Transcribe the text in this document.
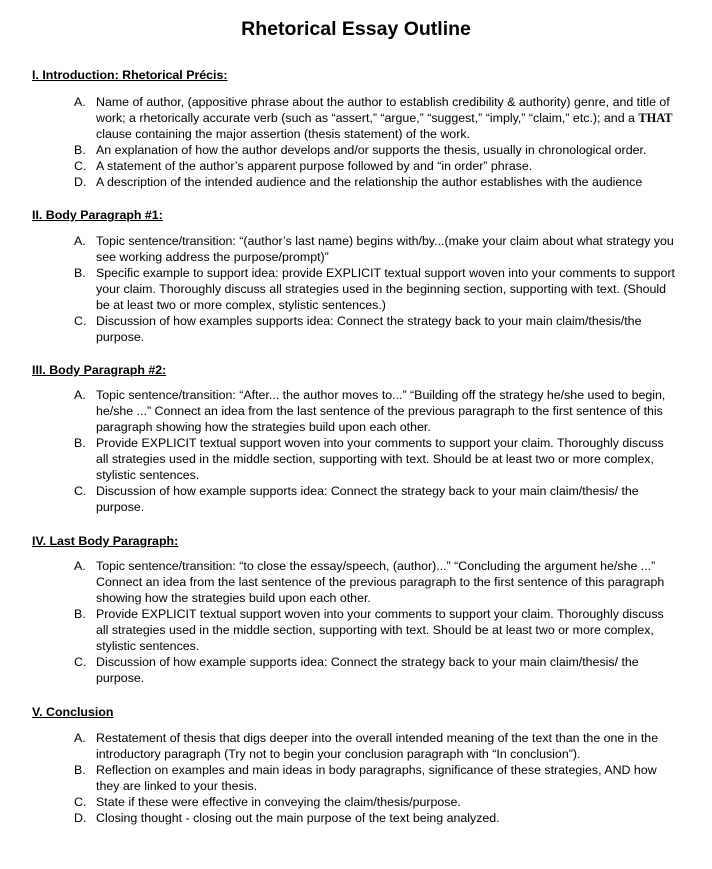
Rhetorical Essay Outline
I. Introduction: Rhetorical Précis:
A. Name of author, (appositive phrase about the author to establish credibility & authority) genre, and title of work; a rhetorically accurate verb (such as “assert,” “argue,” “suggest,” “imply,” “claim,” etc.); and a THAT clause containing the major assertion (thesis statement) of the work.
B. An explanation of how the author develops and/or supports the thesis, usually in chronological order.
C. A statement of the author’s apparent purpose followed by and “in order” phrase.
D. A description of the intended audience and the relationship the author establishes with the audience
II. Body Paragraph #1:
A. Topic sentence/transition: “(author’s last name) begins with/by...(make your claim about what strategy you see working address the purpose/prompt)”
B. Specific example to support idea: provide EXPLICIT textual support woven into your comments to support your claim. Thoroughly discuss all strategies used in the beginning section, supporting with text. (Should be at least two or more complex, stylistic sentences.)
C. Discussion of how examples supports idea: Connect the strategy back to your main claim/thesis/the purpose.
III. Body Paragraph #2:
A. Topic sentence/transition: “After... the author moves to...” “Building off the strategy he/she used to begin, he/she ...” Connect an idea from the last sentence of the previous paragraph to the first sentence of this paragraph showing how the strategies build upon each other.
B. Provide EXPLICIT textual support woven into your comments to support your claim. Thoroughly discuss all strategies used in the middle section, supporting with text. Should be at least two or more complex, stylistic sentences.
C. Discussion of how example supports idea: Connect the strategy back to your main claim/thesis/ the purpose.
IV. Last Body Paragraph:
A. Topic sentence/transition: “to close the essay/speech, (author)...” “Concluding the argument he/she ...” Connect an idea from the last sentence of the previous paragraph to the first sentence of this paragraph showing how the strategies build upon each other.
B. Provide EXPLICIT textual support woven into your comments to support your claim. Thoroughly discuss all strategies used in the middle section, supporting with text. Should be at least two or more complex, stylistic sentences.
C. Discussion of how example supports idea: Connect the strategy back to your main claim/thesis/ the purpose.
V. Conclusion
A. Restatement of thesis that digs deeper into the overall intended meaning of the text than the one in the introductory paragraph (Try not to begin your conclusion paragraph with “In conclusion”).
B. Reflection on examples and main ideas in body paragraphs, significance of these strategies, AND how they are linked to your thesis.
C. State if these were effective in conveying the claim/thesis/purpose.
D. Closing thought - closing out the main purpose of the text being analyzed.
